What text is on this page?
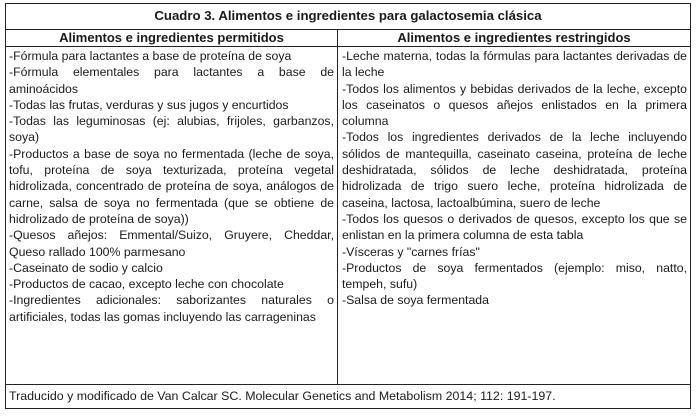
Cuadro 3. Alimentos e ingredientes para galactosemia clásica
Alimentos e ingredientes permitidos

-Fórmula para lactantes a base de proteína de soya

-Fórmula elementales para lactantes a base de aminoácidos

-Todas las frutas, verduras y sus jugos y encurtidos

-Todas las leguminosas (ej: alubias, frijoles, garbanzos, soya)

-Productos a base de soya no fermentada (leche de soya, tofu, proteína de soya texturizada, proteína vegetal hidrolizada, concentrado de proteína de soya, análogos de carne, salsa de soya no fermentada (que se obtiene de hidrolizado de proteína de soya))

-Quesos añejos: Emmental/Suizo, Gruyere, Cheddar, Queso rallado 100% parmesano

-Caseinato de sodio y calcio

-Productos de cacao, excepto leche con chocolate

-Ingredientes adicionales: saborizantes naturales o artificiales, todas las gomas incluyendo las carrageninas

Alimentos e ingredientes restringidos

-Leche materna, todas la fórmulas para lactantes derivadas de la leche

-Todos los alimentos y bebidas derivados de la leche, excepto los caseinatos o quesos añejos enlistados en la primera columna

-Todos los ingredientes derivados de la leche incluyendo sólidos de mantequilla, caseinato caseina, proteína de leche deshidratada, sólidos de leche deshidratada, proteína hidrolizada de trigo suero leche, proteína hidrolizada de caseina, lactosa, lactoalbúmina, suero de leche

-Todos los quesos o derivados de quesos, excepto los que se enlistan en la primera columna de esta tabla

-Vísceras y "carnes frías"

-Productos de soya fermentados (ejemplo: miso, natto, tempeh, sufu)

-Salsa de soya fermentada

Traducido y modificado de Van Calcar SC. Molecular Genetics and Metabolism 2014; 112: 191-197.
